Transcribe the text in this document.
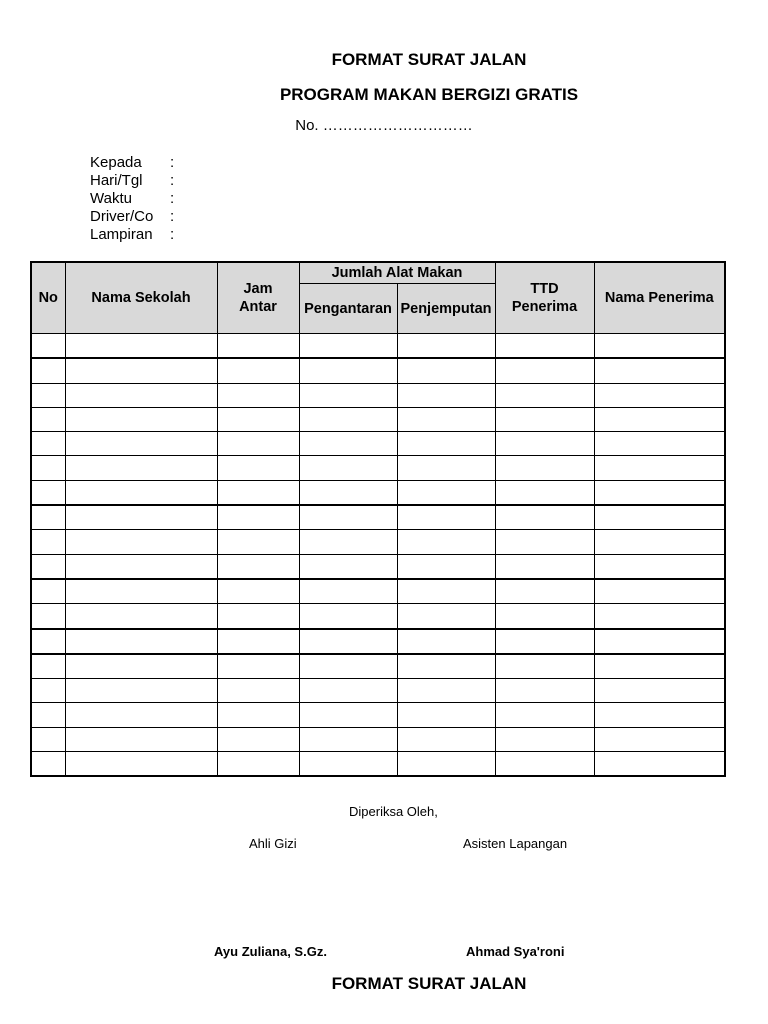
FORMAT SURAT JALAN
PROGRAM MAKAN BERGIZI GRATIS
No. …………………………
Kepada	:
Hari/Tgl	:
Waktu	:
Driver/Co	:
Lampiran	:
No	Nama Sekolah	Jam Antar	Jumlah Alat Makan		TTD Penerima	Nama Penerima
			Pengantaran	Penjemputan		

Diperiksa Oleh,
Ahli Gizi	Asisten Lapangan
Ayu Zuliana, S.Gz.	Ahmad Sya'roni
FORMAT SURAT JALAN
